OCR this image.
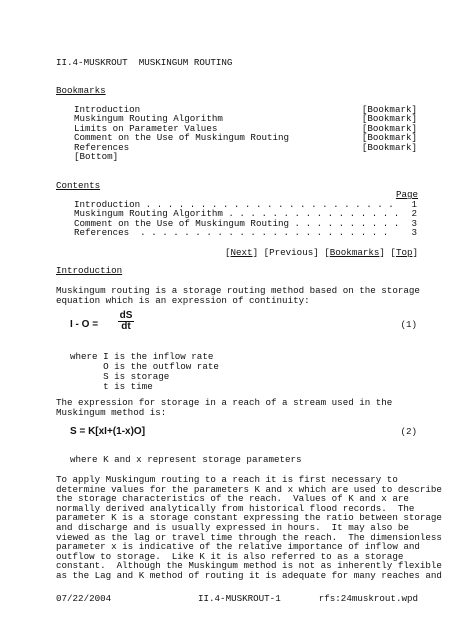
II.4-MUSKROUT  MUSKINGUM ROUTING
Bookmarks
Introduction	[Bookmark]
Muskingum Routing Algorithm	[Bookmark]
Limits on Parameter Values	[Bookmark]
Comment on the Use of Muskingum Routing	[Bookmark]
References	[Bookmark]
[Bottom]
Contents
Page
Introduction . . . . . . . . . . . . . . . . . . . . . . . 1
Muskingum Routing Algorithm . . . . . . . . . . . . . . . . 2
Comment on the Use of Muskingum Routing . . . . . . . . . . 3
References  . . . . . . . . . . . . . . . . . . . . . . .	3
[Next] [Previous] [Bookmarks] [Top]
Introduction
Muskingum routing is a storage routing method based on the storage
equation which is an expression of continuity:
I - O =
dS
dt	(1)
where I is the inflow rate
O is the outflow rate
S is storage
t is time
The expression for storage in a reach of a stream used in the
Muskingum method is:
S = K[xI+(1-x)O]	(2)
where K and x represent storage parameters
To apply Muskingum routing to a reach it is first necessary to
determine values for the parameters K and x which are used to describe
the storage characteristics of the reach.  Values of K and x are
normally derived analytically from historical flood records.  The
parameter K is a storage constant expressing the ratio between storage
and discharge and is usually expressed in hours.  It may also be
viewed as the lag or travel time through the reach.  The dimensionless
parameter x is indicative of the relative importance of inflow and
outflow to storage.  Like K it is also referred to as a storage
constant.  Although the Muskingum method is not as inherently flexible
as the Lag and K method of routing it is adequate for many reaches and
07/22/2004	II.4-MUSKROUT-1	rfs:24muskrout.wpd
